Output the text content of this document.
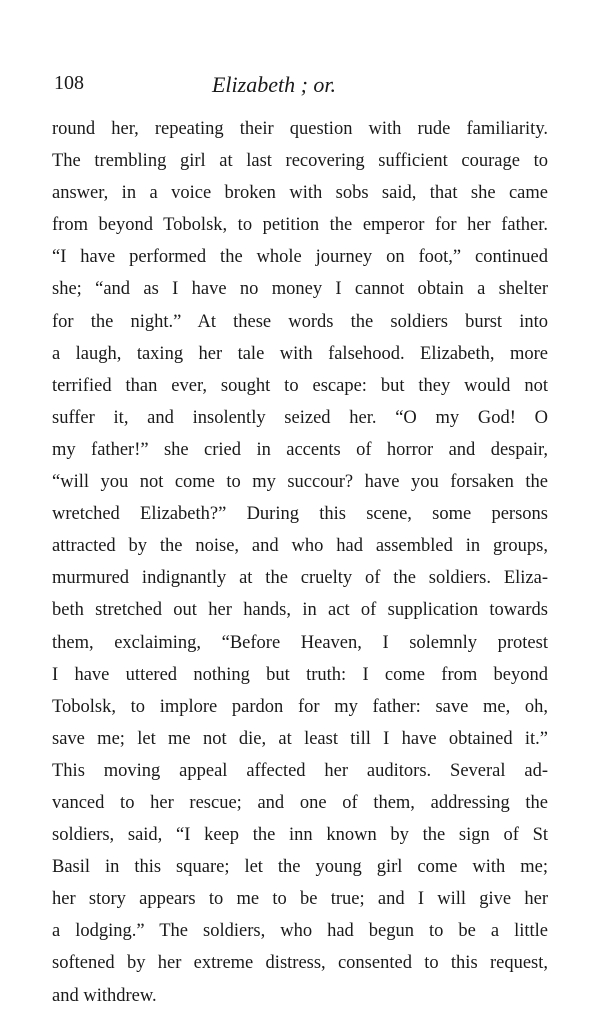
108	Elizabeth ; or.
round her, repeating their question with rude familiarity.
The trembling girl at last recovering sufficient courage to
answer, in a voice broken with sobs said, that she came
from beyond Tobolsk, to petition the emperor for her father.
“I have performed the whole journey on foot,” continued
she; “and as I have no money I cannot obtain a shelter
for the night.” At these words the soldiers burst into
a laugh, taxing her tale with falsehood. Elizabeth, more
terrified than ever, sought to escape: but they would not
suffer it, and insolently seized her. “O my God! O
my father!” she cried in accents of horror and despair,
“will you not come to my succour? have you forsaken the
wretched Elizabeth?” During this scene, some persons
attracted by the noise, and who had assembled in groups,
murmured indignantly at the cruelty of the soldiers. Eliza-
beth stretched out her hands, in act of supplication towards
them, exclaiming, “Before Heaven, I solemnly protest
I have uttered nothing but truth: I come from beyond
Tobolsk, to implore pardon for my father: save me, oh,
save me; let me not die, at least till I have obtained it.”
This moving appeal affected her auditors. Several ad-
vanced to her rescue; and one of them, addressing the
soldiers, said, “I keep the inn known by the sign of St
Basil in this square; let the young girl come with me;
her story appears to me to be true; and I will give her
a lodging.” The soldiers, who had begun to be a little
softened by her extreme distress, consented to this request,
and withdrew.
